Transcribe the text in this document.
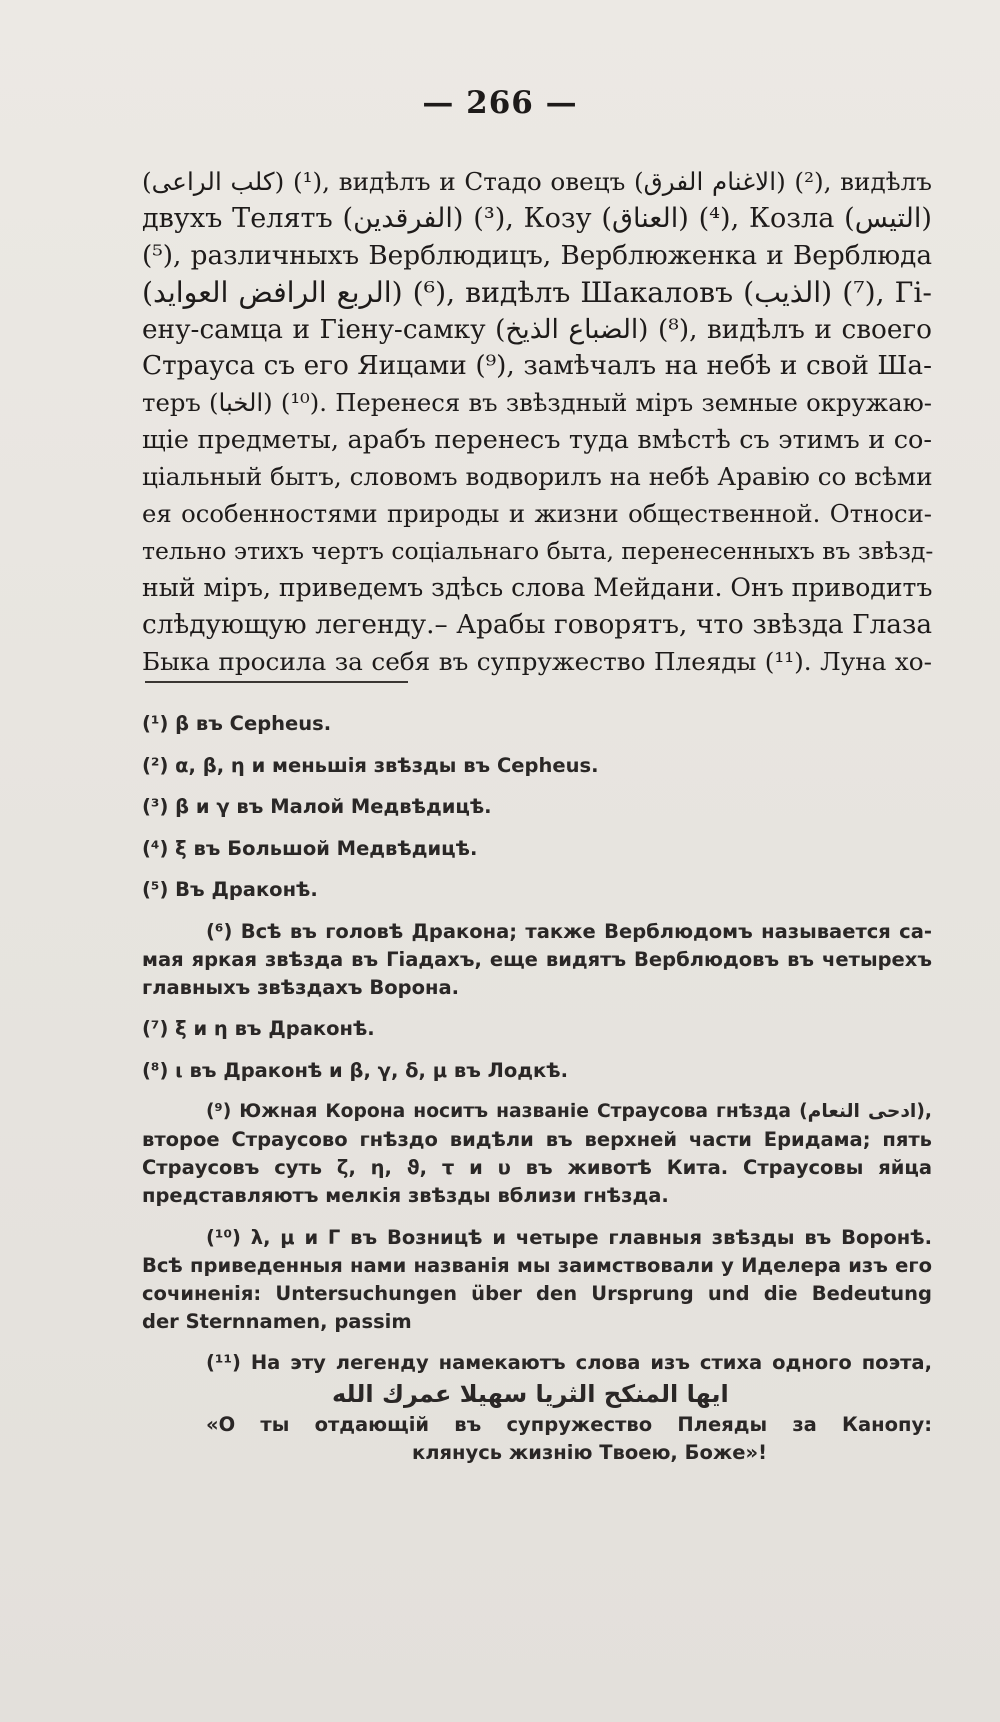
— 266 —
(كلب الراعى) (¹), видѣлъ и Стадо овецъ (الاغنام الفرق) (²), видѣлъ
двухъ Телятъ (الفرقدين) (³), Козу (العناق) (⁴), Козла (التيس)
(⁵), различныхъ Верблюдицъ, Верблюженка и Верблюда
(الربع الرافض العوايد) (⁶), видѣлъ Шакаловъ (الذيب) (⁷), Гі-
ену-самца и Гіену-самку (الضباع الذيخ) (⁸), видѣлъ и своего
Страуса съ его Яицами (⁹), замѣчалъ на небѣ и свой Ша-
теръ (الخبا) (¹⁰). Перенеся въ звѣздный міръ земные окружаю-
щіе предметы, арабъ перенесъ туда вмѣстѣ съ этимъ и со-
ціальный бытъ, словомъ водворилъ на небѣ Аравію со всѣми
ея особенностями природы и жизни общественной. Относи-
тельно этихъ чертъ соціальнаго быта, перенесенныхъ въ звѣзд-
ный міръ, приведемъ здѣсь слова Мейдани. Онъ приводитъ
слѣдующую легенду.– Арабы говорятъ, что звѣзда Глаза
Быка просила за себя въ супружество Плеяды (¹¹). Луна хо-
(¹) β въ Cepheus.
(²) α, β, η и меньшія звѣзды въ Cepheus.
(³) β и γ въ Малой Медвѣдицѣ.
(⁴) ξ въ Большой Медвѣдицѣ.
(⁵) Въ Драконѣ.
(⁶) Всѣ въ головѣ Дракона; также Верблюдомъ называется са-
мая яркая звѣзда въ Гіадахъ, еще видятъ Верблюдовъ въ четырехъ
главныхъ звѣздахъ Ворона.
(⁷) ξ и η въ Драконѣ.
(⁸) ι въ Драконѣ и β, γ, δ, μ въ Лодкѣ.
(⁹) Южная Корона носитъ названіе Страусова гнѣзда (ادحى النعام),
второе Страусово гнѣздо видѣли въ верхней части Еридама; пять
Страусовъ суть ζ, η, ϑ, τ и υ въ животѣ Кита. Страусовы яйца
представляютъ мелкія звѣзды вблизи гнѣзда.
(¹⁰) λ, μ и Γ въ Возницѣ и четыре главныя звѣзды въ Воронѣ.
Всѣ приведенныя нами названія мы заимствовали у Иделера изъ его
сочиненія: Untersuchungen über den Ursprung und die Bedeutung
der Sternnamen, passim
(¹¹) На эту легенду намекаютъ слова изъ стиха одного поэта,
ايها المنكح الثريا سهيلا عمرك الله
«О ты отдающій въ супружество Плеяды за Канопу:
клянусь жизнію Твоею, Боже»!
